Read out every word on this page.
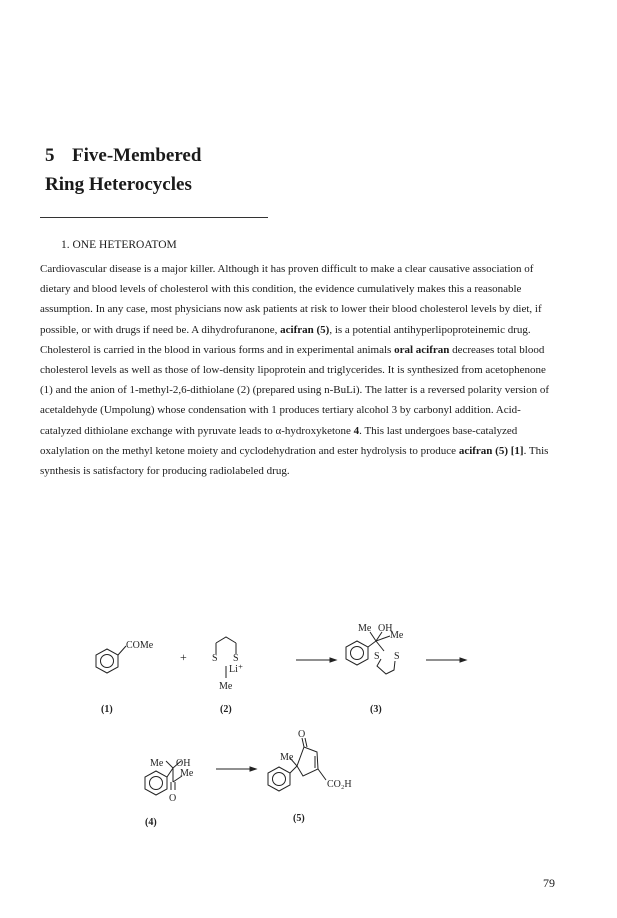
5 Five-Membered
Ring Heterocycles
1. ONE HETEROATOM

Cardiovascular disease is a major killer. Although it has proven difficult to make a clear causative association of dietary and blood levels of cholesterol with this condition, the evidence cumulatively makes this a reasonable assumption. In any case, most physicians now ask patients at risk to lower their blood cholesterol levels by diet, if possible, or with drugs if need be. A dihydrofuranone, acifran (5), is a potential antihyperlipoproteinemic drug. Cholesterol is carried in the blood in various forms and in experimental animals oral acifran decreases total blood cholesterol levels as well as those of low-density lipoprotein and triglycerides. It is synthesized from acetophenone (1) and the anion of 1-methyl-2,6-dithiolane (2) (prepared using n-BuLi). The latter is a reversed polarity version of acetaldehyde (Umpolung) whose condensation with 1 produces tertiary alcohol 3 by carbonyl addition. Acid-catalyzed dithiolane exchange with pyruvate leads to α-hydroxyketone 4. This last undergoes base-catalyzed oxalylation on the methyl ketone moiety and cyclodehydration and ester hydrolysis to produce acifran (5) [1]. This synthesis is satisfactory for producing radiolabeled drug.

COMe
(1)
+	S S
Li⁺
Me
(2)
Me OH
Me
S S
(3)
Me OH
Me
O
(4)
Me
O
CO₂H
(5)
79
